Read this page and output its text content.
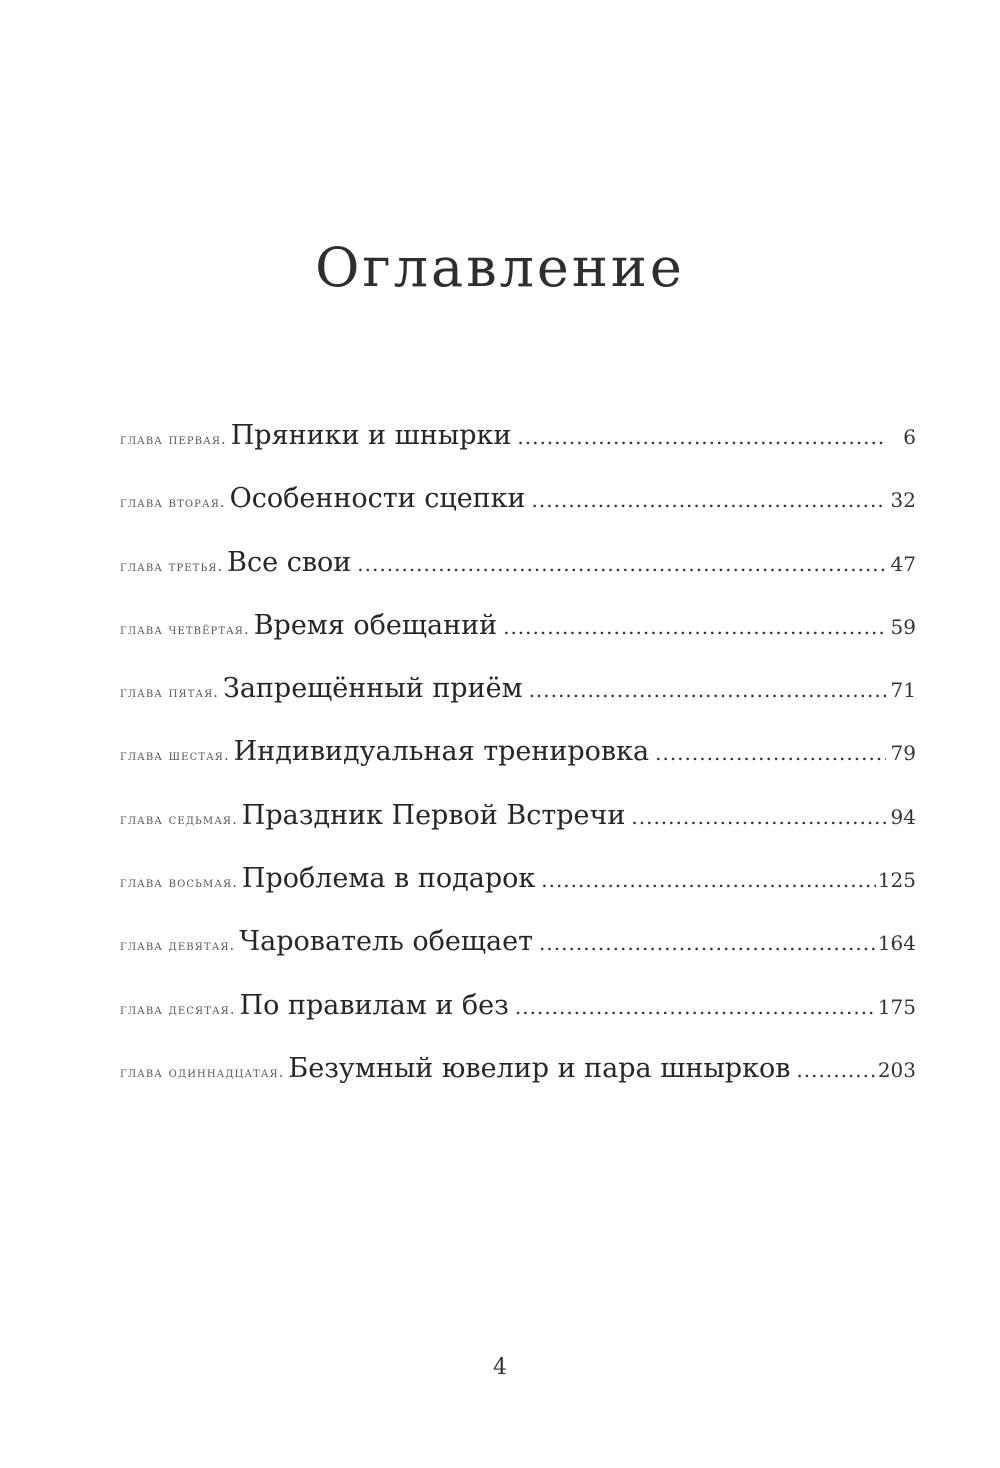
Оглавление
глава первая. Пряники и шнырки .....	6
глава вторая. Особенности сцепки .....	32
глава третья. Все свои .....	47
глава четвёртая. Время обещаний .....	59
глава пятая. Запрещённый приём .....	71
глава шестая. Индивидуальная тренировка .....	79
глава седьмая. Праздник Первой Встречи .....	94
глава восьмая. Проблема в подарок .....	125
глава девятая. Чарователь обещает .....	164
глава десятая. По правилам и без .....	175
глава одиннадцатая. Безумный ювелир и пара шнырков .....	203
4
